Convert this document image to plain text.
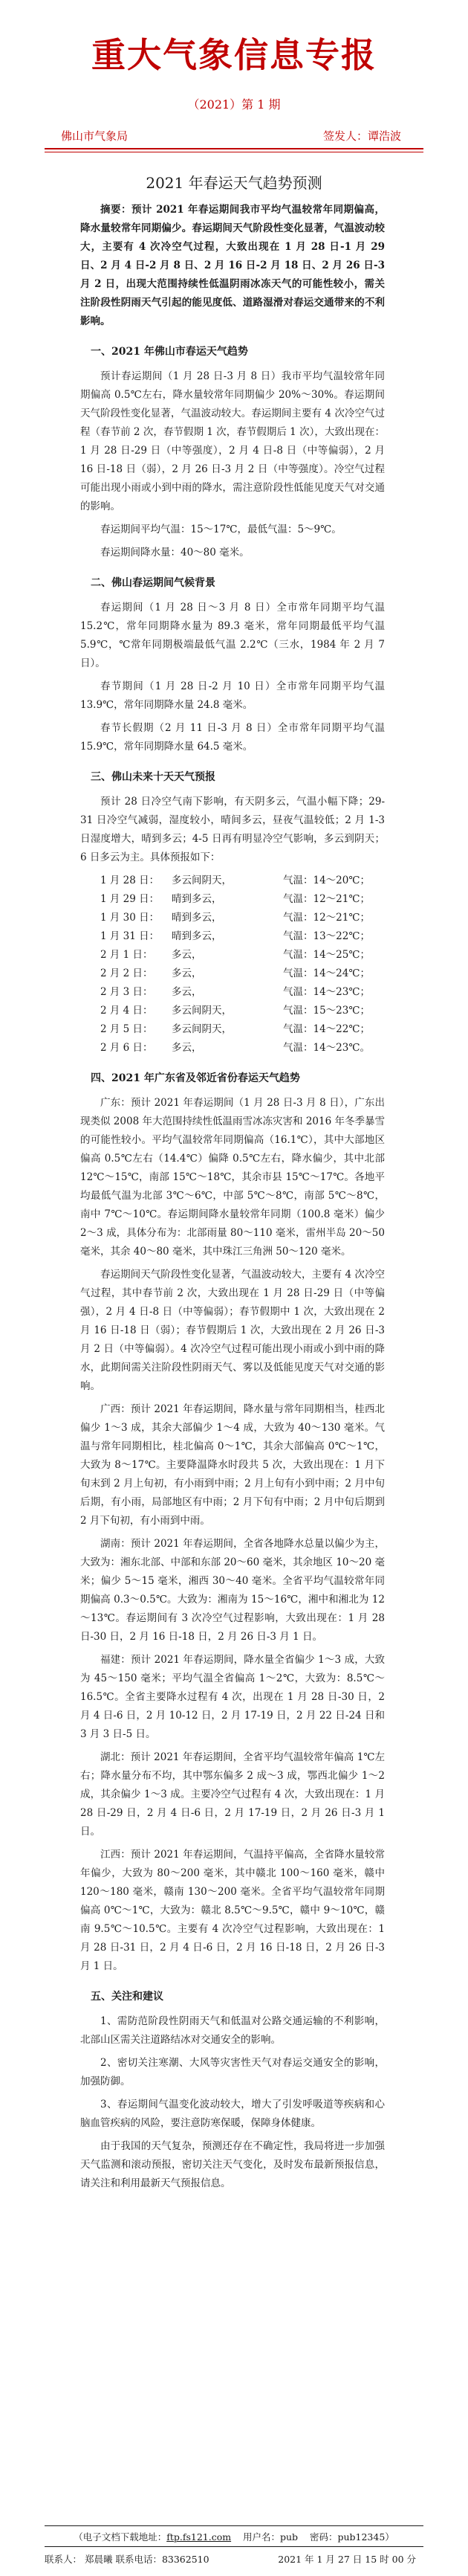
重大气象信息专报
（2021）第 1 期
佛山市气象局	签发人：谭浩波
2021 年春运天气趋势预测

摘要：预计 2021 年春运期间我市平均气温较常年同期偏高，降水量较常年同期偏少。春运期间天气阶段性变化显著，气温波动较大，主要有 4 次冷空气过程，大致出现在 1 月 28 日-1 月 29 日、2 月 4 日-2 月 8 日、2 月 16 日-2 月 18 日、2 月 26 日-3 月 2 日，出现大范围持续性低温阴雨冰冻天气的可能性较小，需关注阶段性阴雨天气引起的能见度低、道路湿滑对春运交通带来的不利影响。

一、2021 年佛山市春运天气趋势

预计春运期间（1 月 28 日-3 月 8 日）我市平均气温较常年同期偏高 0.5℃左右，降水量较常年同期偏少 20%～30%。春运期间天气阶段性变化显著，气温波动较大。春运期间主要有 4 次冷空气过程（春节前 2 次，春节假期 1 次，春节假期后 1 次），大致出现在：1 月 28 日-29 日（中等强度），2 月 4 日-8 日（中等偏弱），2 月 16 日-18 日（弱），2 月 26 日-3 月 2 日（中等强度）。冷空气过程可能出现小雨或小到中雨的降水，需注意阶段性低能见度天气对交通的影响。

春运期间平均气温：15～17℃，最低气温：5～9℃。

春运期间降水量：40～80 毫米。

二、佛山春运期间气候背景

春运期间（1 月 28 日～3 月 8 日）全市常年同期平均气温 15.2℃，常年同期降水量为 89.3 毫米，常年同期最低平均气温 5.9℃，℃常年同期极端最低气温 2.2℃（三水，1984 年 2 月 7 日）。

春节期间（1 月 28 日-2 月 10 日）全市常年同期平均气温 13.9℃，常年同期降水量 24.8 毫米。

春节长假期（2 月 11 日-3 月 8 日）全市常年同期平均气温 15.9℃，常年同期降水量 64.5 毫米。

三、佛山未来十天天气预报

预计 28 日冷空气南下影响，有天阴多云，气温小幅下降；29-31 日冷空气减弱，湿度较小，晴间多云，昼夜气温较低；2 月 1-3 日湿度增大，晴到多云；4-5 日再有明显冷空气影响，多云到阴天；6 日多云为主。具体预报如下：

1 月 28 日：	多云间阴天，	气温：14～20℃；
1 月 29 日：	晴到多云，	气温：12～21℃；
1 月 30 日：	晴到多云，	气温：12～21℃；
1 月 31 日：	晴到多云，	气温：13～22℃；
2 月 1 日：	多云，	气温：14～25℃；
2 月 2 日：	多云，	气温：14～24℃；
2 月 3 日：	多云，	气温：14～23℃；
2 月 4 日：	多云间阴天，	气温：15～23℃；
2 月 5 日：	多云间阴天，	气温：14～22℃；
2 月 6 日：	多云，	气温：14～23℃。
四、2021 年广东省及邻近省份春运天气趋势

广东：预计 2021 年春运期间（1 月 28 日-3 月 8 日），广东出现类似 2008 年大范围持续性低温雨雪冰冻灾害和 2016 年冬季暴雪的可能性较小。平均气温较常年同期偏高（16.1℃），其中大部地区偏高 0.5℃左右（14.4℃）偏降 0.5℃左右，降水偏少，其中北部 12℃～15℃，南部 15℃～18℃，其余市县 15℃～17℃。各地平均最低气温为北部 3℃～6℃，中部 5℃～8℃，南部 5℃～8℃，南中 7℃～10℃。春运期间降水量较常年同期（100.8 毫米）偏少 2～3 成，具体分布为：北部雨量 80～110 毫米，雷州半岛 20～50 毫米，其余 40～80 毫米，其中珠江三角洲 50～120 毫米。

春运期间天气阶段性变化显著，气温波动较大，主要有 4 次冷空气过程，其中春节前 2 次，大致出现在 1 月 28 日-29 日（中等偏强），2 月 4 日-8 日（中等偏弱）；春节假期中 1 次，大致出现在 2 月 16 日-18 日（弱）；春节假期后 1 次，大致出现在 2 月 26 日-3 月 2 日（中等偏弱）。4 次冷空气过程可能出现小雨或小到中雨的降水，此期间需关注阶段性阴雨天气、雾以及低能见度天气对交通的影响。

广西：预计 2021 年春运期间，降水量与常年同期相当，桂西北偏少 1～3 成，其余大部偏少 1～4 成，大致为 40～130 毫米。气温与常年同期相比，桂北偏高 0～1℃，其余大部偏高 0℃～1℃，大致为 8～17℃。主要降温降水时段共 5 次，大致出现在：1 月下旬末到 2 月上旬初，有小雨到中雨；2 月上旬有小到中雨；2 月中旬后期，有小雨，局部地区有中雨；2 月下旬有中雨；2 月中旬后期到 2 月下旬初，有小雨到中雨。

湖南：预计 2021 年春运期间，全省各地降水总量以偏少为主，大致为：湘东北部、中部和东部 20～60 毫米，其余地区 10～20 毫米；偏少 5～15 毫米，湘西 30～40 毫米。全省平均气温较常年同期偏高 0.3～0.5℃。大致为：湘南为 15～16℃，湘中和湘北为 12～13℃。春运期间有 3 次冷空气过程影响，大致出现在：1 月 28 日-30 日，2 月 16 日-18 日，2 月 26 日-3 月 1 日。

福建：预计 2021 年春运期间，降水量全省偏少 1～3 成，大致为 45～150 毫米；平均气温全省偏高 1～2℃，大致为：8.5℃～16.5℃。全省主要降水过程有 4 次，出现在 1 月 28 日-30 日，2 月 4 日-6 日，2 月 10-12 日，2 月 17-19 日，2 月 22 日-24 日和 3 月 3 日-5 日。

湖北：预计 2021 年春运期间，全省平均气温较常年偏高 1℃左右；降水量分布不均，其中鄂东偏多 2 成～3 成，鄂西北偏少 1～2 成，其余偏少 1～3 成。主要冷空气过程有 4 次，大致出现在：1 月 28 日-29 日，2 月 4 日-6 日，2 月 17-19 日，2 月 26 日-3 月 1 日。

江西：预计 2021 年春运期间，气温持平偏高，全省降水量较常年偏少，大致为 80～200 毫米，其中赣北 100～160 毫米，赣中 120～180 毫米，赣南 130～200 毫米。全省平均气温较常年同期偏高 0℃～1℃，大致为：赣北 8.5℃～9.5℃，赣中 9～10℃，赣南 9.5℃～10.5℃。主要有 4 次冷空气过程影响，大致出现在：1 月 28 日-31 日，2 月 4 日-6 日，2 月 16 日-18 日，2 月 26 日-3 月 1 日。

五、关注和建议

1、需防范阶段性阴雨天气和低温对公路交通运输的不利影响，北部山区需关注道路结冰对交通安全的影响。

2、密切关注寒潮、大风等灾害性天气对春运交通安全的影响，加强防御。

3、春运期间气温变化波动较大，增大了引发呼吸道等疾病和心脑血管疾病的风险，要注意防寒保暖，保障身体健康。

由于我国的天气复杂，预测还存在不确定性，我局将进一步加强天气监测和滚动预报，密切关注天气变化，及时发布最新预报信息，请关注和利用最新天气预报信息。

（电子文档下载地址：ftp.fs121.com 用户名：pub 密码：pub12345）
联系人： 郑晨曦 联系电话：83362510	2021 年 1 月 27 日 15 时 00 分
